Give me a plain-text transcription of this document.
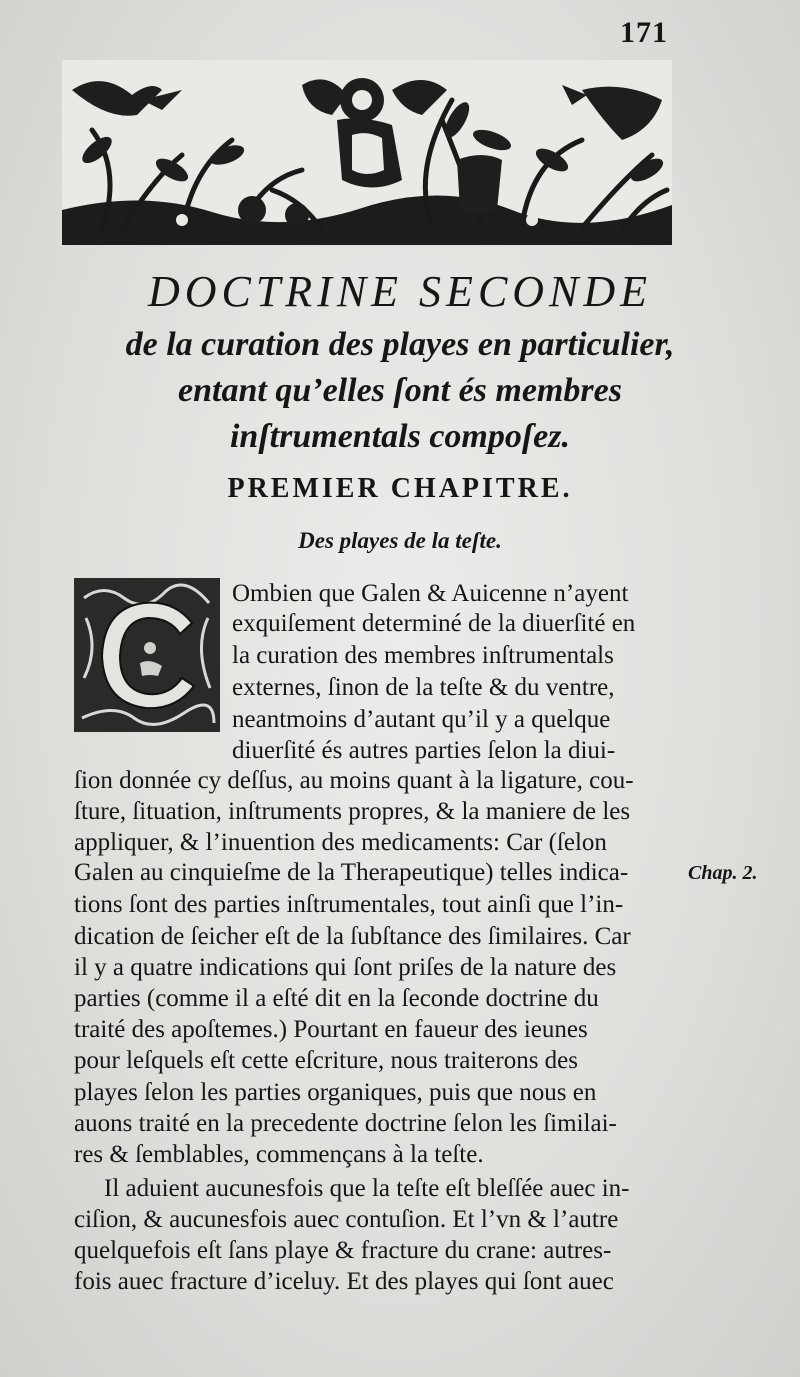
171
DOCTRINE SECONDE
de la curation des playes en particulier,
entant qu’elles ſont és membres
inſtrumentals compoſez.
PREMIER CHAPITRE.
Des playes de la teſte.
Ombien que Galen & Auicenne n’ayent
exquiſement determiné de la diuerſité en
la curation des membres inſtrumentals
externes, ſinon de la teſte & du ventre,
neantmoins d’autant qu’il y a quelque
diuerſité és autres parties ſelon la diui-
ſion donnée cy deſſus, au moins quant à la ligature, cou-
ſture, ſituation, inſtruments propres, & la maniere de les
appliquer, & l’inuention des medicaments: Car (ſelon
Galen au cinquieſme de la Therapeutique) telles indica-
tions ſont des parties inſtrumentales, tout ainſi que l’in-
dication de ſeicher eſt de la ſubſtance des ſimilaires. Car
il y a quatre indications qui ſont priſes de la nature des
parties (comme il a eſté dit en la ſeconde doctrine du
traité des apoſtemes.) Pourtant en faueur des ieunes
pour leſquels eſt cette eſcriture, nous traiterons des
playes ſelon les parties organiques, puis que nous en
auons traité en la precedente doctrine ſelon les ſimilai-
res & ſemblables, commençans à la teſte.
Il aduient aucunesfois que la teſte eſt bleſſée auec in-
ciſion, & aucunesfois auec contuſion. Et l’vn & l’autre
quelquefois eſt ſans playe & fracture du crane: autres-
fois auec fracture d’iceluy. Et des playes qui ſont auec
Chap. 2.
